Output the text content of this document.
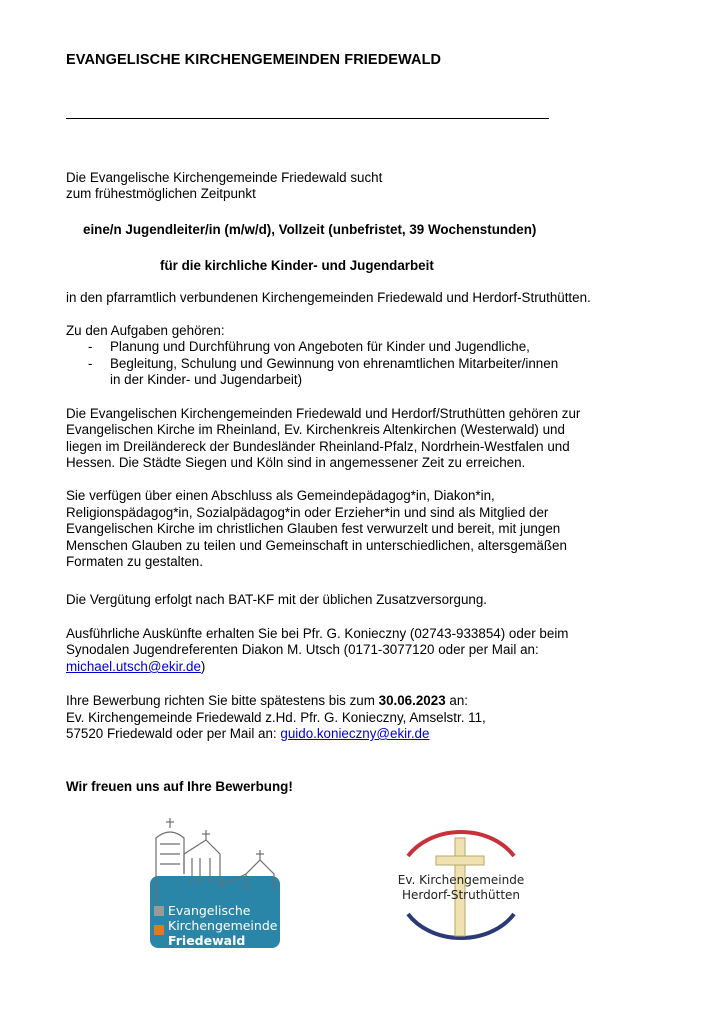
EVANGELISCHE KIRCHENGEMEINDEN FRIEDEWALD
Die Evangelische Kirchengemeinde Friedewald sucht
zum frühestmöglichen Zeitpunkt
eine/n Jugendleiter/in (m/w/d), Vollzeit (unbefristet, 39 Wochenstunden)
für die kirchliche Kinder- und Jugendarbeit
in den pfarramtlich verbundenen Kirchengemeinden Friedewald und Herdorf-Struthütten.
Zu den Aufgaben gehören:
- Planung und Durchführung von Angeboten für Kinder und Jugendliche,
- Begleitung, Schulung und Gewinnung von ehrenamtlichen Mitarbeiter/innen
in der Kinder- und Jugendarbeit)
Die Evangelischen Kirchengemeinden Friedewald und Herdorf/Struthütten gehören zur
Evangelischen Kirche im Rheinland, Ev. Kirchenkreis Altenkirchen (Westerwald) und
liegen im Dreiländereck der Bundesländer Rheinland-Pfalz, Nordrhein-Westfalen und
Hessen. Die Städte Siegen und Köln sind in angemessener Zeit zu erreichen.
Sie verfügen über einen Abschluss als Gemeindepädagog*in, Diakon*in,
Religionspädagog*in, Sozialpädagog*in oder Erzieher*in und sind als Mitglied der
Evangelischen Kirche im christlichen Glauben fest verwurzelt und bereit, mit jungen
Menschen Glauben zu teilen und Gemeinschaft in unterschiedlichen, altersgemäßen
Formaten zu gestalten.
Die Vergütung erfolgt nach BAT-KF mit der üblichen Zusatzversorgung.
Ausführliche Auskünfte erhalten Sie bei Pfr. G. Konieczny (02743-933854) oder beim
Synodalen Jugendreferenten Diakon M. Utsch (0171-3077120 oder per Mail an:
michael.utsch@ekir.de)
Ihre Bewerbung richten Sie bitte spätestens bis zum 30.06.2023 an:
Ev. Kirchengemeinde Friedewald z.Hd. Pfr. G. Konieczny, Amselstr. 11,
57520 Friedewald oder per Mail an: guido.konieczny@ekir.de
Wir freuen uns auf Ihre Bewerbung!
Evangelische
Kirchengemeinde
Friedewald
Ev. Kirchengemeinde
Herdorf-Struthütten
